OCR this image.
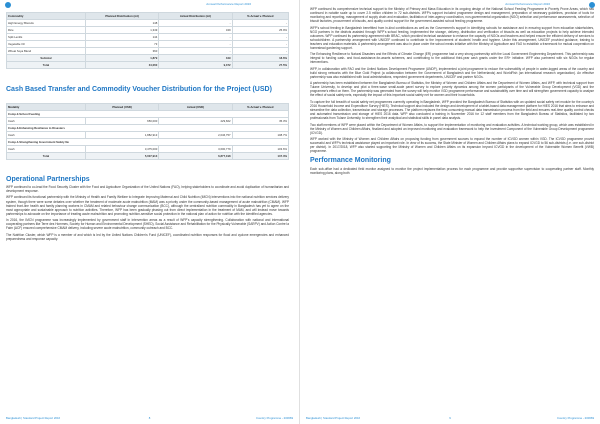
Annual Performance Report 2016
Commodity	Planned Distribution (mt)	Actual Distribution (mt)	% Actual v. Planned
High Energy Biscuits	148	-	-
Rice	1,349	349	25.9%
Split Lentils	144	-	-
Vegetable Oil	73	-	-
Wheat Soya Blend	360	-	-
Subtotal	1,879	349	18.6%
Total	34,060	9,372	27.5%
Cash Based Transfer and Commodity Voucher Distribution for the Project (USD)
Modality	Planned (USD)	Actual (USD)	% Actual v. Planned
Comp.2-School Feeding			
Cash	650,000	229,662	35.3%
Comp.3-Enhancing Resilience to Disasters			
Cash	1,882,913	2,046,757	108.7%
Comp.4-Strengthening Government Safety Ne			
Cash	3,475,000	3,600,779	103.6%
Total	5,007,913	6,877,198	137.3%
Operational Partnerships

WFP continued to co-lead the Food Security Cluster with the Food and Agriculture Organization of the United Nations (FAO), helping stakeholders to coordinate and avoid duplication of humanitarian and development response.

WFP continued its functional partnership with the Ministry of Health and Family Welfare to Integrate Improving Maternal and Child Nutrition (IMCN) interventions into the national nutrition services delivery system, though there were some debates over whether the treatment of moderate acute malnutrition (MAM) was a priority under the community-based management of acute malnutrition (CMAM). WFP trained front-line health and family planning workers in CMAM and related behaviour change communication (BCC), although the centralized nutrition commodity in Bangladesh has yet to agree on the most appropriate and sustainable approach to nutrition activities. Therefore, WFP has been gradually phasing out from direct implementation in the treatment of MAM, and will instead move towards partnerships to advocate on the importance of treating acute malnutrition and promoting nutrition-sensitive social protection in the national plan of action for nutrition with the identified agencies.

In 2016, the IMCN programme was increasingly implemented by government staff in intervention areas as a result of WFP's capacity strengthening. Collaboration with national and international cooperating partners like Terre des Hommes, Society for Human and Environmental Development (SHED), Social Assistance and Rehabilitation for the Physically Vulnerable (SARPV) and Action Contre la Faim (ACF) ensured comprehensive CMAM delivery, including severe acute malnutrition, community outreach and BCC.

The Nutrition Cluster, which WFP is a member of and which is led by the United Nations Children's Fund (UNICEF), coordinated nutrition responses for flood and cyclone emergencies and enhanced preparedness and response capacity.

Bangladesh | Standard Project Report 2016	8	Country Programme - 200669
Annual Performance Report 2016

WFP continued its comprehensive technical support to the Ministry of Primary and Mass Education in its ongoing design of the National School Feeding Programme in Poverty Prone Areas, which has continued in notable scale up to cover 2.5 million children in 72 sub-districts. WFP's support included programme design and management, preparation of necessary guidelines, provision of tools for monitoring and reporting, management of supply chain and evaluation, facilitation of inter-agency coordination, non-governmental organization (NGO) selection and performance assessments, selection of biscuit factories, procurement of biscuits, and quality control support for the government-assisted school feeding programme.

WFP's school feeding in Bangladesh benefitted from in-kind contributions as well as the Government's support in identifying schools for assistance and in ensuring support from education stakeholders, NGO partners in the districts assisted through WFP's school feeding, implemented the storage, delivery, distribution and verification of biscuits as well as education projects to help achieve intended outcomes. WFP continued its partnership agreement with BRAC, which provided technical assistance to enhance the capacity of NGOs and teachers and helped ensure the efficient delivery of services to schoolchildren. A partnership arrangement with UNICEF continued to contribute to the improvement of students' health and hygiene. Under this arrangement, UNICEF provided guidance, training to teachers and education materials. A partnership arrangement was also in place under the school meals initiative with the Ministry of Agriculture and FAO to establish a framework for mutual cooperation on homestead gardening support.

The Enhancing Resilience to Natural Disasters and the Effects of Climate Change (ER) programme had a very strong partnership with the Local Government Engineering Department. This partnership was integral to funding cash- and food-assistance-for-assets schemes, and contributing to the additional third-year cash grants under the ER+ initiative. WFP also partnered with six NGOs for regular interventions.

WFP, in collaboration with FAO and the United Nations Development Programme (UNDP), implemented a joint programme to reduce the vulnerability of people in water-logged areas of the country and build strong networks with the Blue Gold Project (a collaboration between the Government of Bangladesh and the Netherlands) and WorldFish (an international research organization). An effective partnership was also established with local administrations, respected government departments, UNICEF and partner NGOs.

A partnership has been established between the Bangladesh Bureau of Statistics, the Ministry of Women and Children Affairs and the Department of Women Affairs, and WFP, with technical support from Tulane University, to develop and pilot a three-wave small-scale panel survey to explore poverty dynamics among the women participants of the Vulnerable Group Development (VGD) and the programme's effect on them. The partnership was generated from the survey will help monitor VGD programme performance and sustainability over time and will strengthen government capacity to analyse the effect of social safety nets, especially the impact of this important social safety net for women and their households.

To capture the full breadth of social safety net programmes currently operating in Bangladesh, WFP provided the Bangladesh Bureau of Statistics with an updated social safety net module for the country's 2016 Household Income and Expenditure Survey (HIES). Technical support also included the design and development of a tablet-based data management platform for HIES 2016 that aims to enhance and streamline the data collection, transmission and storage processes. The platform replaces the time-consuming manual data transmission process from the field and ensures real-time quality control checks and automated transmission and storage of HIES 2016 data. WFP also conducted a training in November 2016 for 12 staff members from the Bangladesh Bureau of Statistics, facilitated by two professionals from Tulane University, to strengthen their analytical and statistical skills in panel data analysis.

Two staff members of WFP were placed within the Department of Women Affairs, to support the implementation of monitoring and evaluation activities. A technical working group, which was established in the Ministry of Women and Children Affairs, finalized and adopted an improved monitoring and evaluation framework to help the Investment Component of the Vulnerable Group Development programme (ICVGD).

WFP worked with the Ministry of Women and Children Affairs on proposing funding from government sources to expand the number of ICVGD women within VGD. The ICVGD programme proved successful and WFP's technical assistance played an important role. In view of its success, the State Minister of Women and Children Affairs plans to expand ICVGD to 56 sub-districts (i.e. one sub-district per district). In 2017/2018, WFP also started supporting the Ministry of Women and Children Affairs on its expansion beyond ICVGD in the development of the Vulnerable Women Benefit (VWB) programme.

Performance Monitoring

Each sub-office had a dedicated field monitor assigned to monitor the project implementation process for each programme and provide supportive supervision to cooperating partner staff. Monthly monitoring plans, along both

Bangladesh | Standard Project Report 2016	9	Country Programme - 200669
